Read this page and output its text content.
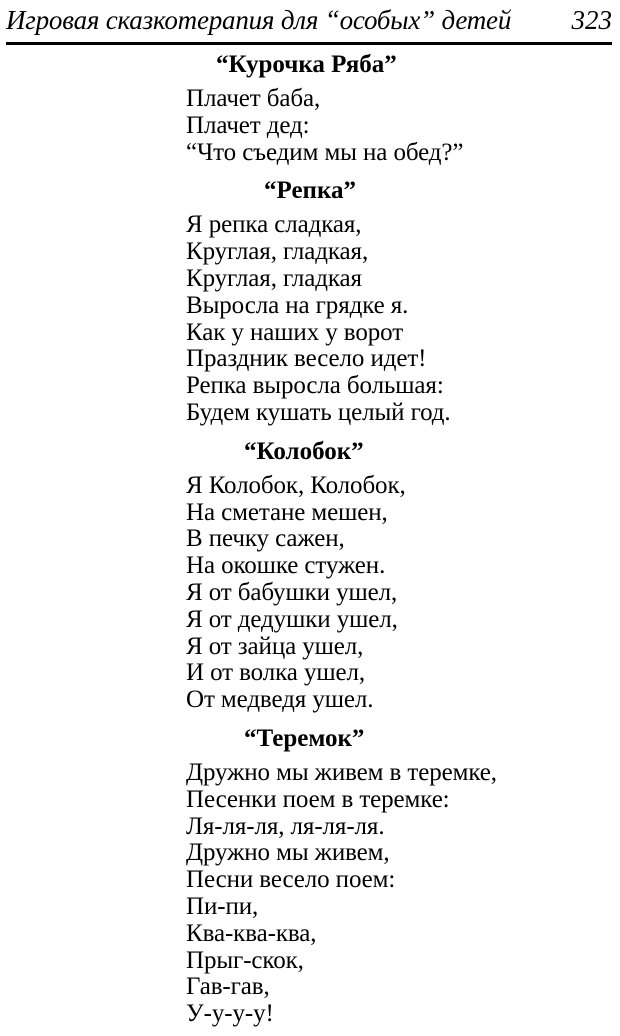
Игровая сказкотерапия для “особых” детей 323
“Курочка Ряба”
Плачет баба,
Плачет дед:
“Что съедим мы на обед?”
“Репка”
Я репка сладкая,
Круглая, гладкая,
Круглая, гладкая
Выросла на грядке я.
Как у наших у ворот
Праздник весело идет!
Репка выросла большая:
Будем кушать целый год.
“Колобок”
Я Колобок, Колобок,
На сметане мешен,
В печку сажен,
На окошке стужен.
Я от бабушки ушел,
Я от дедушки ушел,
Я от зайца ушел,
И от волка ушел,
От медведя ушел.
“Теремок”
Дружно мы живем в теремке,
Песенки поем в теремке:
Ля-ля-ля, ля-ля-ля.
Дружно мы живем,
Песни весело поем:
Пи-пи,
Ква-ква-ква,
Прыг-скок,
Гав-гав,
У-у-у-у!
